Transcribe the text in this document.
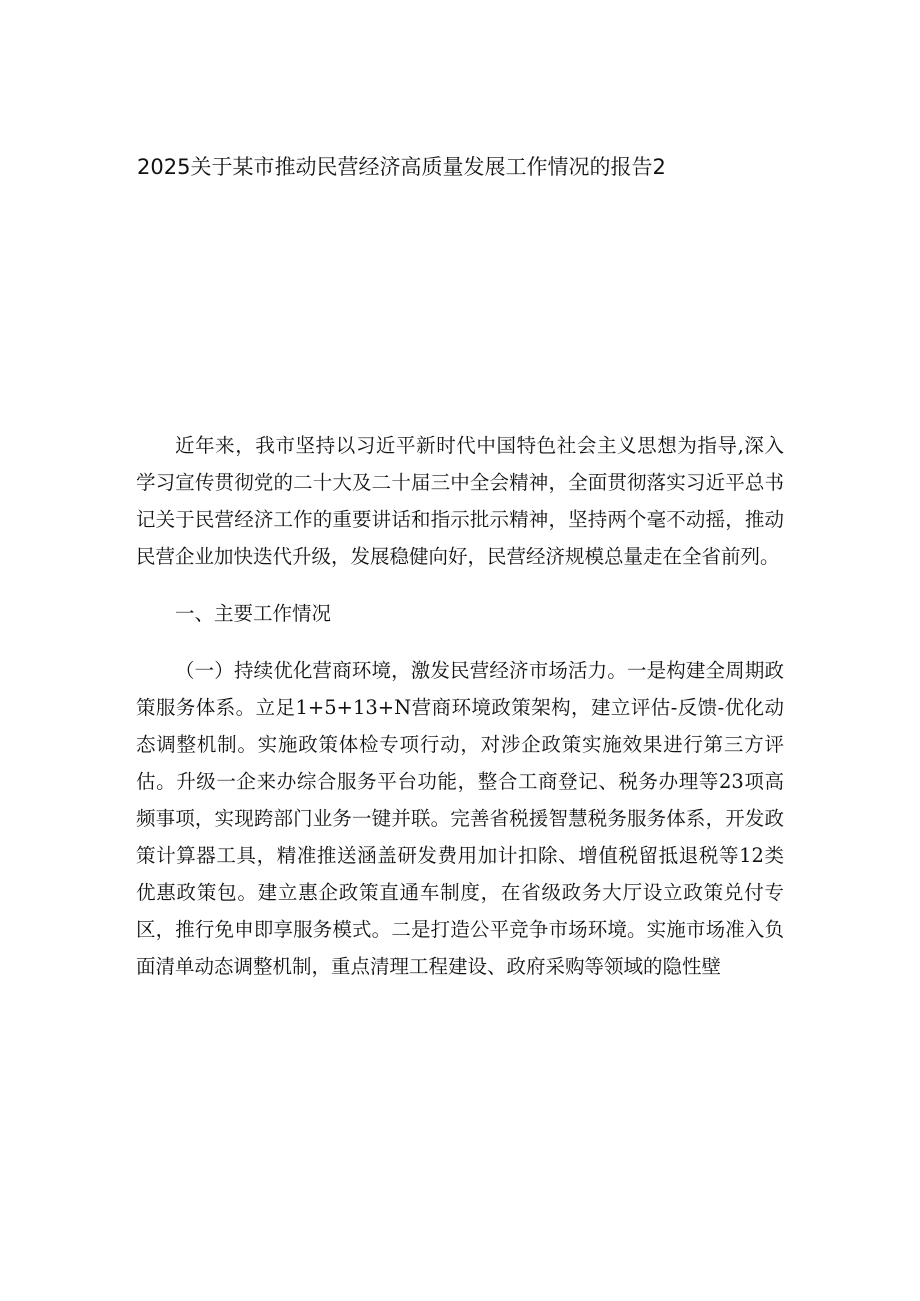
2025关于某市推动民营经济高质量发展工作情况的报告2

近年来，我市坚持以习近平新时代中国特色社会主义思想为指导,深入学习宣传贯彻党的二十大及二十届三中全会精神，全面贯彻落实习近平总书记关于民营经济工作的重要讲话和指示批示精神，坚持两个毫不动摇，推动民营企业加快迭代升级，发展稳健向好，民营经济规模总量走在全省前列。

一、主要工作情况

（一）持续优化营商环境，激发民营经济市场活力。一是构建全周期政策服务体系。立足1+5+13+N营商环境政策架构，建立评估-反馈-优化动态调整机制。实施政策体检专项行动，对涉企政策实施效果进行第三方评估。升级一企来办综合服务平台功能，整合工商登记、税务办理等23项高频事项，实现跨部门业务一键并联。完善省税援智慧税务服务体系，开发政策计算器工具，精准推送涵盖研发费用加计扣除、增值税留抵退税等12类优惠政策包。建立惠企政策直通车制度，在省级政务大厅设立政策兑付专区，推行免申即享服务模式。二是打造公平竞争市场环境。实施市场准入负面清单动态调整机制，重点清理工程建设、政府采购等领域的隐性壁
